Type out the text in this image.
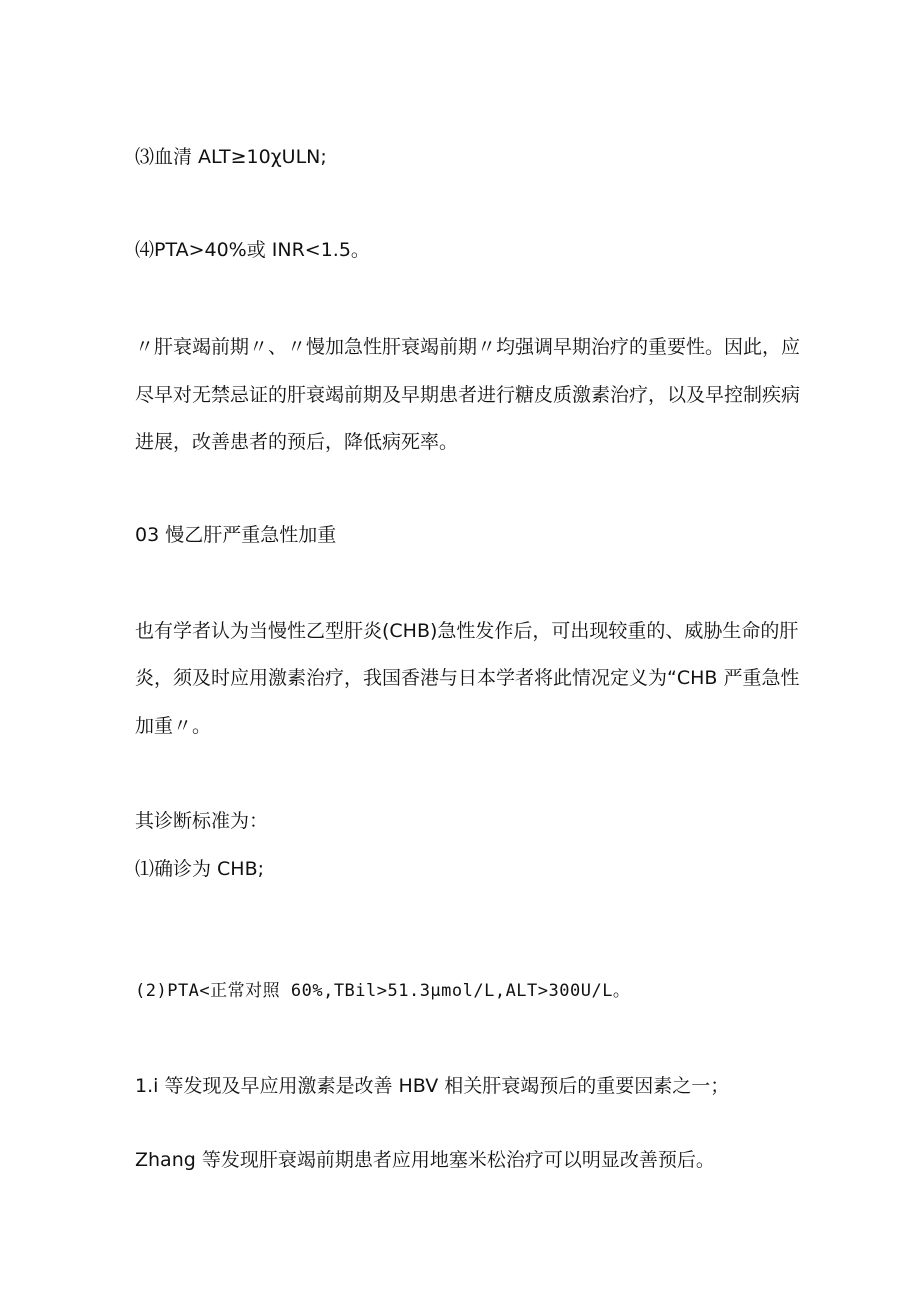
⑶血清 ALT≥10χULN;
⑷PTA>40%或 INR<1.5。
〃肝衰竭前期〃、〃慢加急性肝衰竭前期〃均强调早期治疗的重要性。因此，应
尽早对无禁忌证的肝衰竭前期及早期患者进行糖皮质激素治疗，以及早控制疾病
进展，改善患者的预后，降低病死率。
03 慢乙肝严重急性加重
也有学者认为当慢性乙型肝炎(CHB)急性发作后，可出现较重的、威胁生命的肝
炎，须及时应用激素治疗，我国香港与日本学者将此情况定义为“CHB 严重急性
加重〃。
其诊断标准为：
⑴确诊为 CHB;
(2)PTA<正常对照 60%,TBil>51.3μmol/L,ALT>300U/L。
1.i 等发现及早应用激素是改善 HBV 相关肝衰竭预后的重要因素之一；
Zhang 等发现肝衰竭前期患者应用地塞米松治疗可以明显改善预后。
